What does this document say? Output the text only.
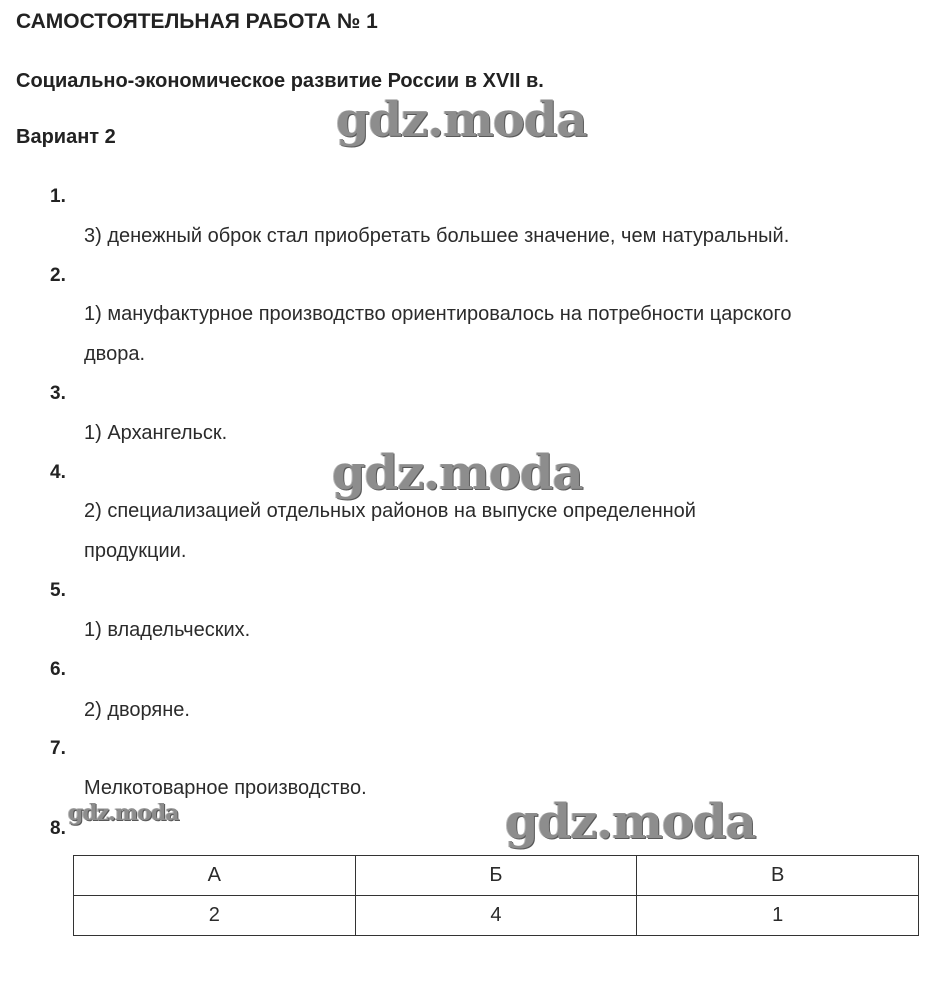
САМОСТОЯТЕЛЬНАЯ РАБОТА № 1
Социально-экономическое развитие России в XVII в.
Вариант 2
1.
3) денежный оброк стал приобретать большее значение, чем натуральный.
2.
1) мануфактурное производство ориентировалось на потребности царского
двора.
3.
1) Архангельск.
4.
2) специализацией отдельных районов на выпуске определенной
продукции.
5.
1) владельческих.
6.
2) дворяне.
7.
Мелкотоварное производство.
8.
А	Б	В
2	4	1
gdz.moda
gdz.moda
gdz.moda
gdz.moda
